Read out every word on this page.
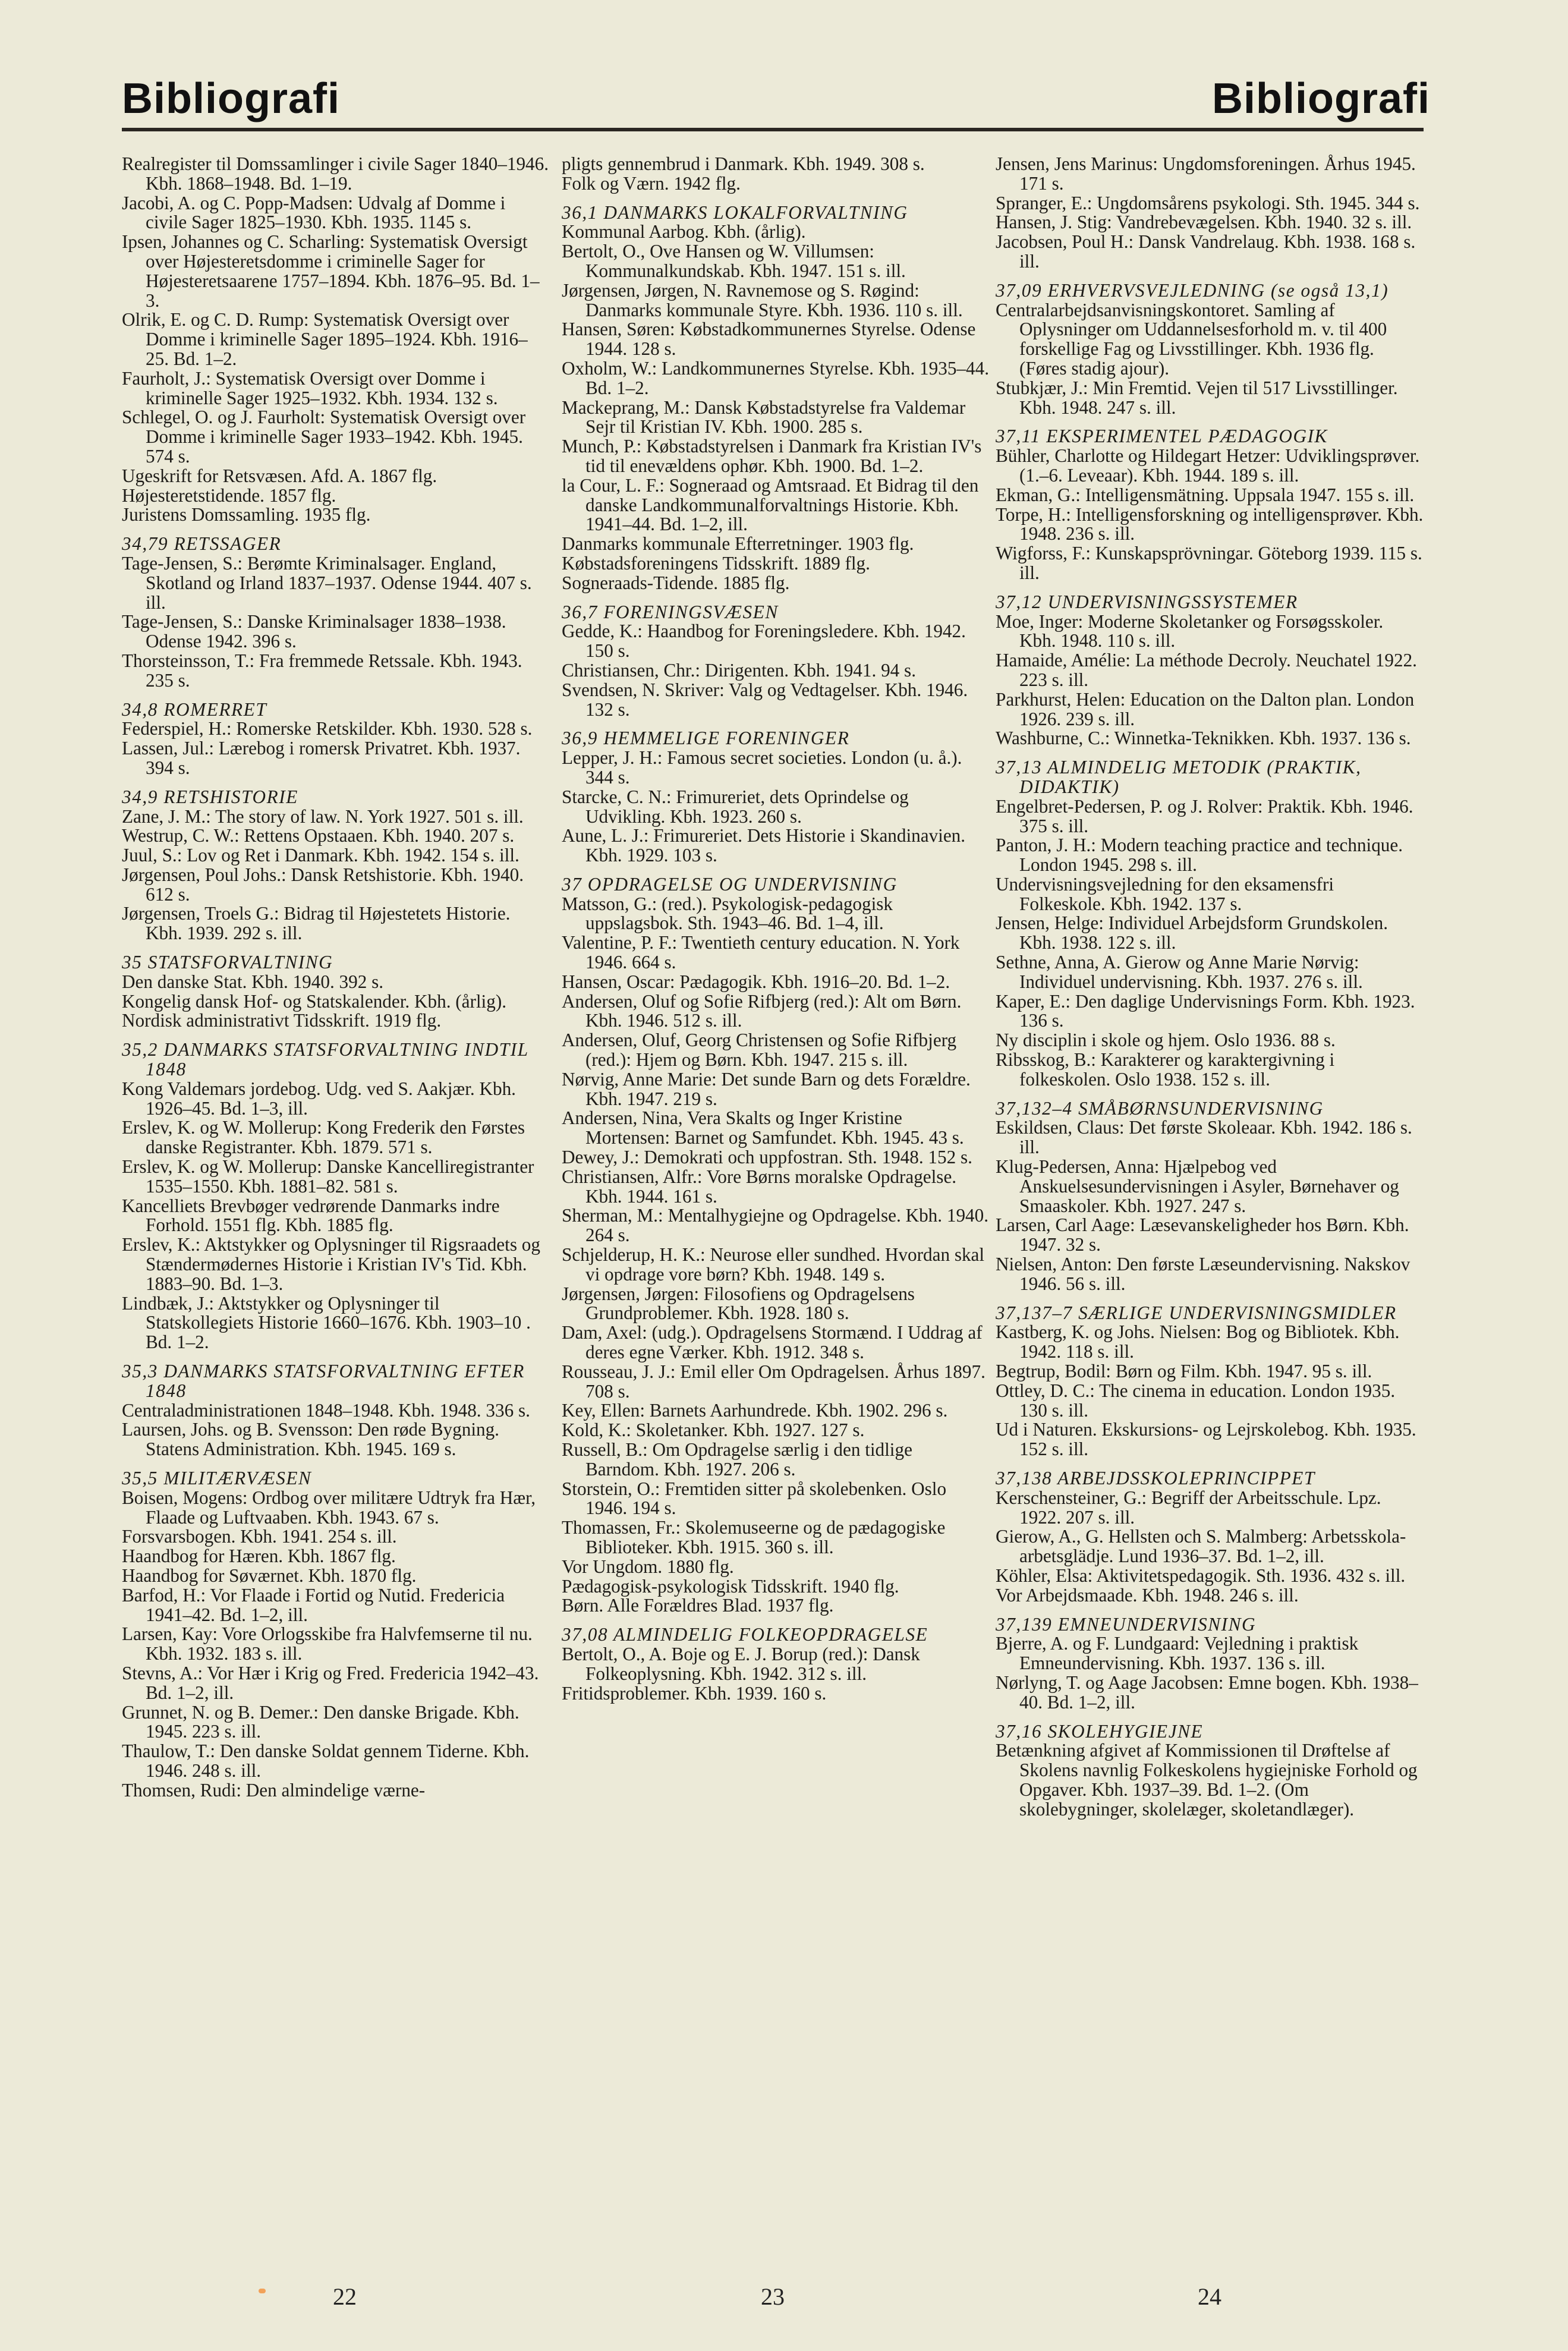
Bibliografi	Bibliografi

Realregister til Domssamlinger i civile Sager 1840–1946. Kbh. 1868–1948. Bd. 1–19.

Jacobi, A. og C. Popp-Madsen: Udvalg af Domme i civile Sager 1825–1930. Kbh. 1935. 1145 s.

Ipsen, Johannes og C. Scharling: Systematisk Oversigt over Højesteretsdomme i criminelle Sager for Højesteretsaarene 1757–1894. Kbh. 1876–95. Bd. 1–3.

Olrik, E. og C. D. Rump: Systematisk Oversigt over Domme i kriminelle Sager 1895–1924. Kbh. 1916–25. Bd. 1–2.

Faurholt, J.: Systematisk Oversigt over Domme i kriminelle Sager 1925–1932. Kbh. 1934. 132 s.

Schlegel, O. og J. Faurholt: Systematisk Oversigt over Domme i kriminelle Sager 1933–1942. Kbh. 1945. 574 s.

Ugeskrift for Retsvæsen. Afd. A. 1867 flg.

Højesteretstidende. 1857 flg.

Juristens Domssamling. 1935 flg.

34,79 RETSSAGER

Tage-Jensen, S.: Berømte Kriminalsager. England, Skotland og Irland 1837–1937. Odense 1944. 407 s. ill.

Tage-Jensen, S.: Danske Kriminalsager 1838–1938. Odense 1942. 396 s.

Thorsteinsson, T.: Fra fremmede Retssale. Kbh. 1943. 235 s.

34,8 ROMERRET

Federspiel, H.: Romerske Retskilder. Kbh. 1930. 528 s.

Lassen, Jul.: Lærebog i romersk Privatret. Kbh. 1937. 394 s.

34,9 RETSHISTORIE

Zane, J. M.: The story of law. N. York 1927. 501 s. ill.

Westrup, C. W.: Rettens Opstaaen. Kbh. 1940. 207 s.

Juul, S.: Lov og Ret i Danmark. Kbh. 1942. 154 s. ill.

Jørgensen, Poul Johs.: Dansk Retshistorie. Kbh. 1940. 612 s.

Jørgensen, Troels G.: Bidrag til Højestetets Historie. Kbh. 1939. 292 s. ill.

35 STATSFORVALTNING

Den danske Stat. Kbh. 1940. 392 s.

Kongelig dansk Hof- og Statskalender. Kbh. (årlig).

Nordisk administrativt Tidsskrift. 1919 flg.

35,2 DANMARKS STATSFORVALTNING INDTIL 1848

Kong Valdemars jordebog. Udg. ved S. Aakjær. Kbh. 1926–45. Bd. 1–3, ill.

Erslev, K. og W. Mollerup: Kong Frederik den Førstes danske Registranter. Kbh. 1879. 571 s.

Erslev, K. og W. Mollerup: Danske Kancelliregistranter 1535–1550. Kbh. 1881–82. 581 s.

Kancelliets Brevbøger vedrørende Danmarks indre Forhold. 1551 flg. Kbh. 1885 flg.

Erslev, K.: Aktstykker og Oplysninger til Rigsraadets og Stændermødernes Historie i Kristian IV's Tid. Kbh. 1883–90. Bd. 1–3.

Lindbæk, J.: Aktstykker og Oplysninger til Statskollegiets Historie 1660–1676. Kbh. 1903–10 . Bd. 1–2.

35,3 DANMARKS STATSFORVALTNING EFTER 1848

Centraladministrationen 1848–1948. Kbh. 1948. 336 s.

Laursen, Johs. og B. Svensson: Den røde Bygning. Statens Administration. Kbh. 1945. 169 s.

35,5 MILITÆRVÆSEN

Boisen, Mogens: Ordbog over militære Udtryk fra Hær, Flaade og Luftvaaben. Kbh. 1943. 67 s.

Forsvarsbogen. Kbh. 1941. 254 s. ill.

Haandbog for Hæren. Kbh. 1867 flg.

Haandbog for Søværnet. Kbh. 1870 flg.

Barfod, H.: Vor Flaade i Fortid og Nutid. Fredericia 1941–42. Bd. 1–2, ill.

Larsen, Kay: Vore Orlogsskibe fra Halvfemserne til nu. Kbh. 1932. 183 s. ill.

Stevns, A.: Vor Hær i Krig og Fred. Fredericia 1942–43. Bd. 1–2, ill.

Grunnet, N. og B. Demer.: Den danske Brigade. Kbh. 1945. 223 s. ill.

Thaulow, T.: Den danske Soldat gennem Tiderne. Kbh. 1946. 248 s. ill.

Thomsen, Rudi: Den almindelige værne-

pligts gennembrud i Danmark. Kbh. 1949. 308 s.

Folk og Værn. 1942 flg.

36,1 DANMARKS LOKALFORVALTNING

Kommunal Aarbog. Kbh. (årlig).

Bertolt, O., Ove Hansen og W. Villumsen: Kommunalkundskab. Kbh. 1947. 151 s. ill.

Jørgensen, Jørgen, N. Ravnemose og S. Røgind: Danmarks kommunale Styre. Kbh. 1936. 110 s. ill.

Hansen, Søren: Købstadkommunernes Styrelse. Odense 1944. 128 s.

Oxholm, W.: Landkommunernes Styrelse. Kbh. 1935–44. Bd. 1–2.

Mackeprang, M.: Dansk Købstadstyrelse fra Valdemar Sejr til Kristian IV. Kbh. 1900. 285 s.

Munch, P.: Købstadstyrelsen i Danmark fra Kristian IV's tid til enevældens ophør. Kbh. 1900. Bd. 1–2.

la Cour, L. F.: Sogneraad og Amtsraad. Et Bidrag til den danske Landkommunalforvaltnings Historie. Kbh. 1941–44. Bd. 1–2, ill.

Danmarks kommunale Efterretninger. 1903 flg.

Købstadsforeningens Tidsskrift. 1889 flg.

Sogneraads-Tidende. 1885 flg.

36,7 FORENINGSVÆSEN

Gedde, K.: Haandbog for Foreningsledere. Kbh. 1942. 150 s.

Christiansen, Chr.: Dirigenten. Kbh. 1941. 94 s.

Svendsen, N. Skriver: Valg og Vedtagelser. Kbh. 1946. 132 s.

36,9 HEMMELIGE FORENINGER

Lepper, J. H.: Famous secret societies. London (u. å.). 344 s.

Starcke, C. N.: Frimureriet, dets Oprindelse og Udvikling. Kbh. 1923. 260 s.

Aune, L. J.: Frimureriet. Dets Historie i Skandinavien. Kbh. 1929. 103 s.

37 OPDRAGELSE OG UNDERVISNING

Matsson, G.: (red.). Psykologisk-pedagogisk uppslagsbok. Sth. 1943–46. Bd. 1–4, ill.

Valentine, P. F.: Twentieth century education. N. York 1946. 664 s.

Hansen, Oscar: Pædagogik. Kbh. 1916–20. Bd. 1–2.

Andersen, Oluf og Sofie Rifbjerg (red.): Alt om Børn. Kbh. 1946. 512 s. ill.

Andersen, Oluf, Georg Christensen og Sofie Rifbjerg (red.): Hjem og Børn. Kbh. 1947. 215 s. ill.

Nørvig, Anne Marie: Det sunde Barn og dets Forældre. Kbh. 1947. 219 s.

Andersen, Nina, Vera Skalts og Inger Kristine Mortensen: Barnet og Samfundet. Kbh. 1945. 43 s.

Dewey, J.: Demokrati och uppfostran. Sth. 1948. 152 s.

Christiansen, Alfr.: Vore Børns moralske Opdragelse. Kbh. 1944. 161 s.

Sherman, M.: Mentalhygiejne og Opdragelse. Kbh. 1940. 264 s.

Schjelderup, H. K.: Neurose eller sundhed. Hvordan skal vi opdrage vore børn? Kbh. 1948. 149 s.

Jørgensen, Jørgen: Filosofiens og Opdragelsens Grundproblemer. Kbh. 1928. 180 s.

Dam, Axel: (udg.). Opdragelsens Stormænd. I Uddrag af deres egne Værker. Kbh. 1912. 348 s.

Rousseau, J. J.: Emil eller Om Opdragelsen. Århus 1897. 708 s.

Key, Ellen: Barnets Aarhundrede. Kbh. 1902. 296 s.

Kold, K.: Skoletanker. Kbh. 1927. 127 s.

Russell, B.: Om Opdragelse særlig i den tidlige Barndom. Kbh. 1927. 206 s.

Storstein, O.: Fremtiden sitter på skolebenken. Oslo 1946. 194 s.

Thomassen, Fr.: Skolemuseerne og de pædagogiske Biblioteker. Kbh. 1915. 360 s. ill.

Vor Ungdom. 1880 flg.

Pædagogisk-psykologisk Tidsskrift. 1940 flg.

Børn. Alle Forældres Blad. 1937 flg.

37,08 ALMINDELIG FOLKEOPDRAGELSE

Bertolt, O., A. Boje og E. J. Borup (red.): Dansk Folkeoplysning. Kbh. 1942. 312 s. ill.

Fritidsproblemer. Kbh. 1939. 160 s.

Jensen, Jens Marinus: Ungdomsforeningen. Århus 1945. 171 s.

Spranger, E.: Ungdomsårens psykologi. Sth. 1945. 344 s.

Hansen, J. Stig: Vandrebevægelsen. Kbh. 1940. 32 s. ill.

Jacobsen, Poul H.: Dansk Vandrelaug. Kbh. 1938. 168 s. ill.

37,09 ERHVERVSVEJLEDNING (se også 13,1)

Centralarbejdsanvisningskontoret. Samling af Oplysninger om Uddannelsesforhold m. v. til 400 forskellige Fag og Livsstillinger. Kbh. 1936 flg. (Føres stadig ajour).

Stubkjær, J.: Min Fremtid. Vejen til 517 Livsstillinger. Kbh. 1948. 247 s. ill.

37,11 EKSPERIMENTEL PÆDAGOGIK

Bühler, Charlotte og Hildegart Hetzer: Udviklingsprøver. (1.–6. Leveaar). Kbh. 1944. 189 s. ill.

Ekman, G.: Intelligensmätning. Uppsala 1947. 155 s. ill.

Torpe, H.: Intelligensforskning og intelligensprøver. Kbh. 1948. 236 s. ill.

Wigforss, F.: Kunskapsprövningar. Göteborg 1939. 115 s. ill.

37,12 UNDERVISNINGSSYSTEMER

Moe, Inger: Moderne Skoletanker og Forsøgsskoler. Kbh. 1948. 110 s. ill.

Hamaide, Amélie: La méthode Decroly. Neuchatel 1922. 223 s. ill.

Parkhurst, Helen: Education on the Dalton plan. London 1926. 239 s. ill.

Washburne, C.: Winnetka-Teknikken. Kbh. 1937. 136 s.

37,13 ALMINDELIG METODIK (PRAKTIK, DIDAKTIK)

Engelbret-Pedersen, P. og J. Rolver: Praktik. Kbh. 1946. 375 s. ill.

Panton, J. H.: Modern teaching practice and technique. London 1945. 298 s. ill.

Undervisningsvejledning for den eksamensfri Folkeskole. Kbh. 1942. 137 s.

Jensen, Helge: Individuel Arbejdsform Grundskolen. Kbh. 1938. 122 s. ill.

Sethne, Anna, A. Gierow og Anne Marie Nørvig: Individuel undervisning. Kbh. 1937. 276 s. ill.

Kaper, E.: Den daglige Undervisnings Form. Kbh. 1923. 136 s.

Ny disciplin i skole og hjem. Oslo 1936. 88 s.

Ribsskog, B.: Karakterer og karaktergivning i folkeskolen. Oslo 1938. 152 s. ill.

37,132–4 SMÅBØRNSUNDERVISNING

Eskildsen, Claus: Det første Skoleaar. Kbh. 1942. 186 s. ill.

Klug-Pedersen, Anna: Hjælpebog ved Anskuelsesundervisningen i Asyler, Børnehaver og Smaaskoler. Kbh. 1927. 247 s.

Larsen, Carl Aage: Læsevanskeligheder hos Børn. Kbh. 1947. 32 s.

Nielsen, Anton: Den første Læseundervisning. Nakskov 1946. 56 s. ill.

37,137–7 SÆRLIGE UNDERVISNINGSMIDLER

Kastberg, K. og Johs. Nielsen: Bog og Bibliotek. Kbh. 1942. 118 s. ill.

Begtrup, Bodil: Børn og Film. Kbh. 1947. 95 s. ill.

Ottley, D. C.: The cinema in education. London 1935. 130 s. ill.

Ud i Naturen. Ekskursions- og Lejrskolebog. Kbh. 1935. 152 s. ill.

37,138 ARBEJDSSKOLEPRINCIPPET

Kerschensteiner, G.: Begriff der Arbeitsschule. Lpz. 1922. 207 s. ill.

Gierow, A., G. Hellsten och S. Malmberg: Arbetsskola-arbetsglädje. Lund 1936–37. Bd. 1–2, ill.

Köhler, Elsa: Aktivitetspedagogik. Sth. 1936. 432 s. ill.

Vor Arbejdsmaade. Kbh. 1948. 246 s. ill.

37,139 EMNEUNDERVISNING

Bjerre, A. og F. Lundgaard: Vejledning i praktisk Emneundervisning. Kbh. 1937. 136 s. ill.

Nørlyng, T. og Aage Jacobsen: Emne bogen. Kbh. 1938–40. Bd. 1–2, ill.

37,16 SKOLEHYGIEJNE

Betænkning afgivet af Kommissionen til Drøftelse af Skolens navnlig Folkeskolens hygiejniske Forhold og Opgaver. Kbh. 1937–39. Bd. 1–2. (Om skolebygninger, skolelæger, skoletandlæger).

22	23	24
